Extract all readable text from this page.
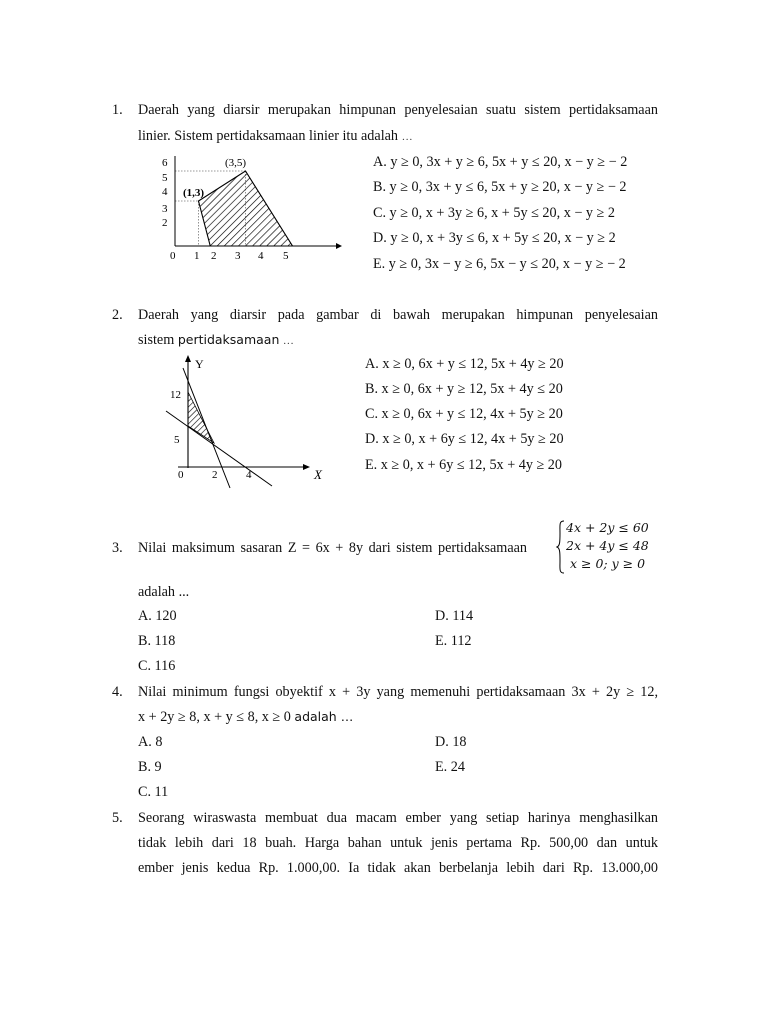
1. Daerah yang diarsir merupakan himpunan penyelesaian suatu sistem pertidaksamaan
linier. Sistem pertidaksamaan linier itu adalah …
6
5
4
3
2
0 1 2 3 4 5
(3,5)
(1,3)
A. y ≥ 0, 3x + y ≥ 6, 5x + y ≤ 20, x − y ≥ − 2
B. y ≥ 0, 3x + y ≤ 6, 5x + y ≥ 20, x − y ≥ − 2
C. y ≥ 0, x + 3y ≥ 6, x + 5y ≤ 20, x − y ≥ 2
D. y ≥ 0, x + 3y ≤ 6, x + 5y ≤ 20, x − y ≥ 2
E. y ≥ 0, 3x − y ≥ 6, 5x − y ≤ 20, x − y ≥ − 2
2. Daerah yang diarsir pada gambar di bawah merupakan himpunan penyelesaian
sistem pertidaksamaan …
Y
X
12
5
0	2	4
A. x ≥ 0, 6x + y ≤ 12, 5x + 4y ≥ 20
B. x ≥ 0, 6x + y ≥ 12, 5x + 4y ≤ 20
C. x ≥ 0, 6x + y ≤ 12, 4x + 5y ≥ 20
D. x ≥ 0, x + 6y ≤ 12, 4x + 5y ≥ 20
E. x ≥ 0, x + 6y ≤ 12, 5x + 4y ≥ 20
3. Nilai maksimum sasaran Z = 6x + 8y dari sistem pertidaksamaan
4x + 2y ≤ 60
2x + 4y ≤ 48
x ≥ 0; y ≥ 0
adalah ...
A. 120
B. 118
C. 116
D. 114
E. 112
4. Nilai minimum fungsi obyektif x + 3y yang memenuhi pertidaksamaan 3x + 2y ≥ 12,
x + 2y ≥ 8, x + y ≤ 8, x ≥ 0 adalah …
A. 8
B. 9
C. 11
D. 18
E. 24
5. Seorang wiraswasta membuat dua macam ember yang setiap harinya menghasilkan
tidak lebih dari 18 buah. Harga bahan untuk jenis pertama Rp. 500,00 dan untuk
ember jenis kedua Rp. 1.000,00. Ia tidak akan berbelanja lebih dari Rp. 13.000,00
